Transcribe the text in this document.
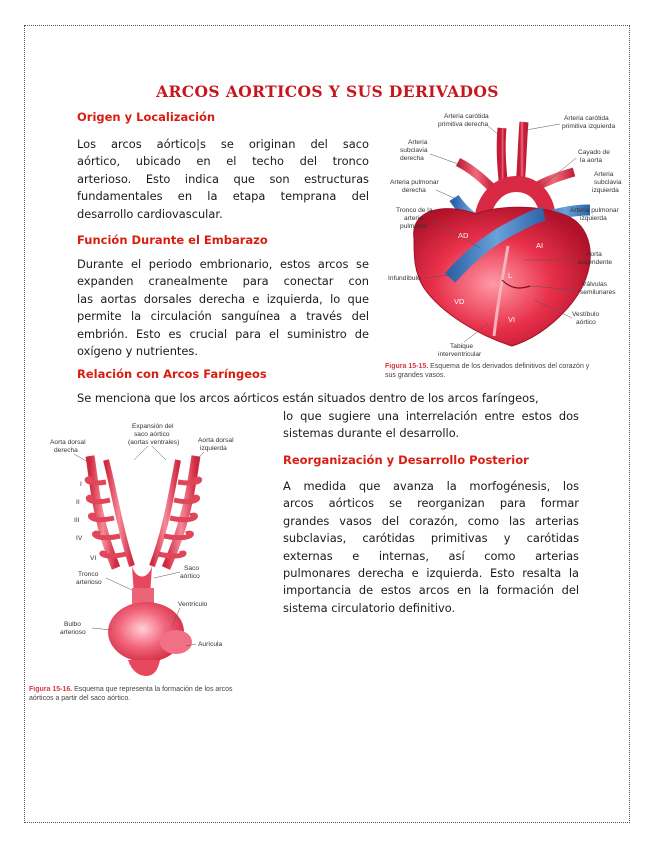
ARCOS AORTICOS Y SUS DERIVADOS
Origen y Localización
Los arcos aórtico|s se originan del saco
aórtico, ubicado en el techo del tronco
arterioso. Esto indica que son estructuras
fundamentales en la etapa temprana del
desarrollo cardiovascular.
Función Durante el Embarazo
Durante el periodo embrionario, estos arcos se
expanden cranealmente para conectar con
las aortas dorsales derecha e izquierda, lo que
permite la circulación sanguínea a través del
embrión. Esto es crucial para el suministro de
oxígeno y nutrientes.
Relación con Arcos Faríngeos
Se menciona que los arcos aórticos están situados dentro de los arcos faríngeos,
lo que sugiere una interrelación entre estos dos
sistemas durante el desarrollo.
Reorganización y Desarrollo Posterior
A medida que avanza la morfogénesis, los
arcos aórticos se reorganizan para formar
grandes vasos del corazón, como las arterias
subclavias, carótidas primitivas y carótidas
externas e internas, así como arterias
pulmonares derecha e izquierda. Esto resalta la
importancia de estos arcos en la formación del
sistema circulatorio definitivo.
AD
AI
VD
L
VI
Arteria carótida
primitiva derecha
Arteria carótida
primitiva izquierda
Arteria
subclavia
derecha
Cayado de
la aorta
Arteria
subclavia
izquierda
Arteria pulmonar
derecha
Arteria pulmonar
izquierda
Tronco de la
arteria
pulmonar
Aorta
ascendente
Infundíbulo
Válvulas
semilunares
Vestíbulo
aórtico
Tabique
interventricular
Figura 15-15. Esquema de los derivados definitivos del corazón y
sus grandes vasos.
I
II
III
IV
VI
Expansión del
saco aórtico
(aortas ventrales)
Aorta dorsal
derecha
Aorta dorsal
izquierda
Tronco
arterioso
Saco
aórtico
Bulbo
arterioso
Ventrículo
Aurícula
Figura 15-16. Esquema que representa la formación de los arcos
aórticos a partir del saco aórtico.
